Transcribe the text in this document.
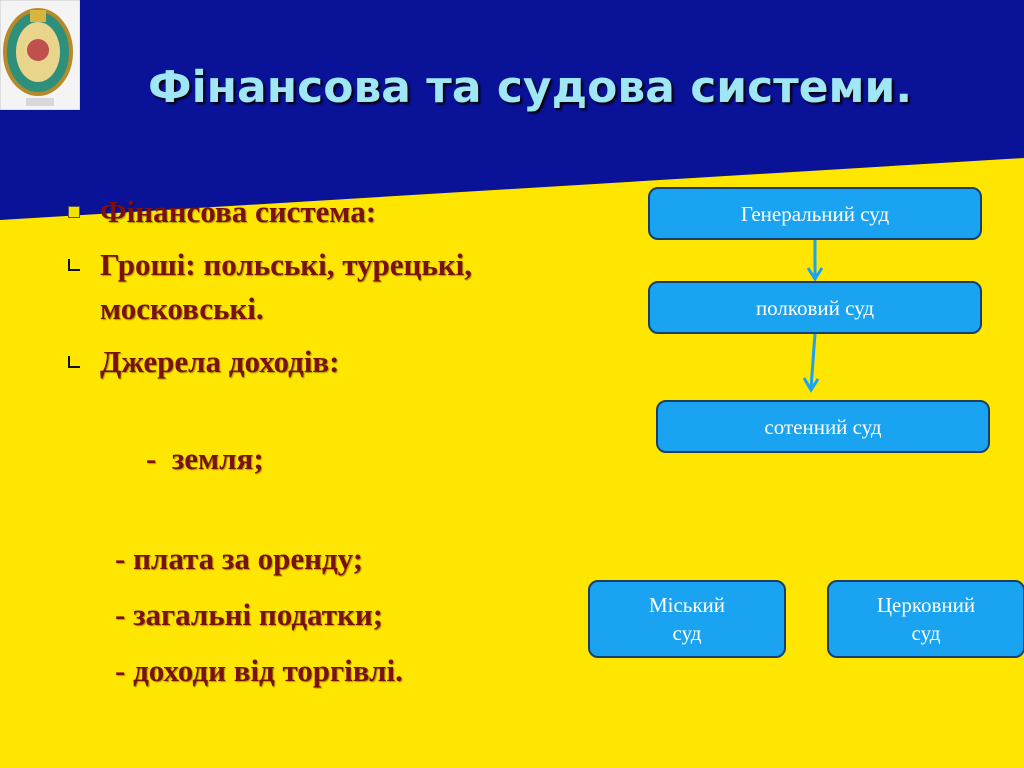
Фінансова та судова системи.
Фінансова система:
Гроші: польські, турецькі, московські.
Джерела доходів:

-  земля;

- плата за оренду;
- загальні податки;
- доходи від торгівлі.
Генеральний суд
полковий суд
сотенний суд
Міський
суд
Церковний
суд
